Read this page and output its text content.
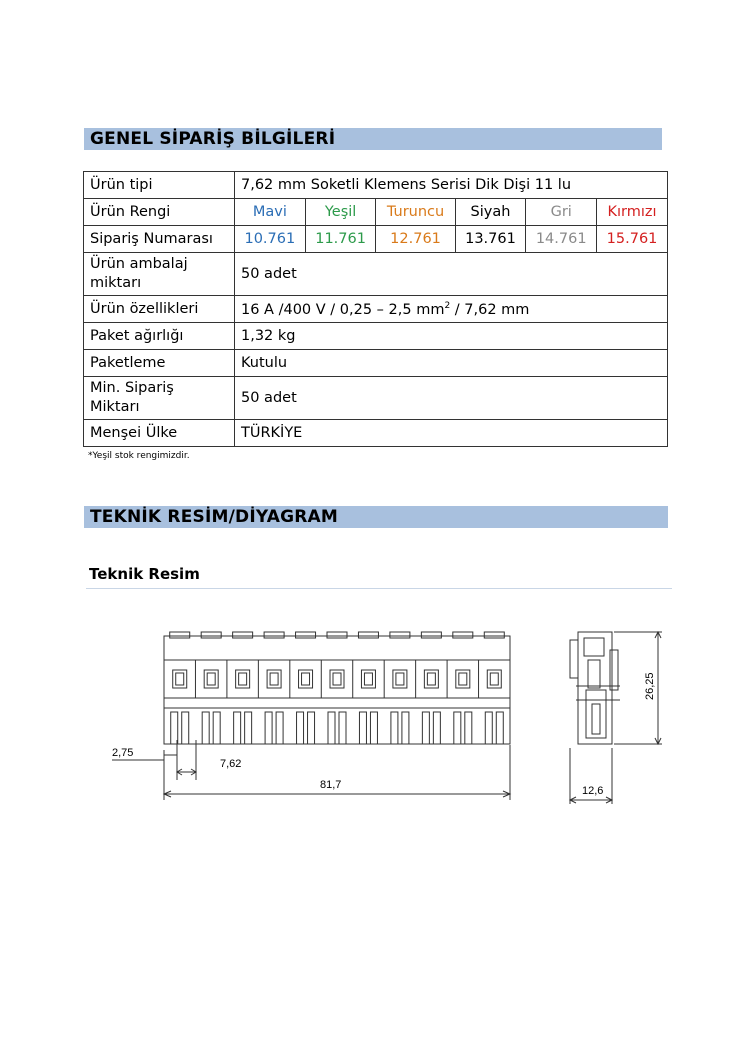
GENEL SİPARİŞ BİLGİLERİ
Ürün tipi	7,62 mm Soketli Klemens Serisi Dik Dişi 11 lu					
Ürün Rengi	Mavi	Yeşil	Turuncu	Siyah	Gri	Kırmızı
Sipariş Numarası	10.761	11.761	12.761	13.761	14.761	15.761
Ürün ambalaj
miktarı	50 adet					
Ürün özellikleri	16 A /400 V / 0,25 – 2,5 $mm^2 / 7,62$ mm					
Paket ağırlığı	1,32 kg					
Paketleme	Kutulu					
Min. Sipariş
Miktarı	50 adet					
Menşei Ülke	TÜRKİYE					
*Yeşil stok rengimizdir.
TEKNİK RESİM/DİYAGRAM
Teknik Resim
2,75
7,62
81,7
26,25
12,6
